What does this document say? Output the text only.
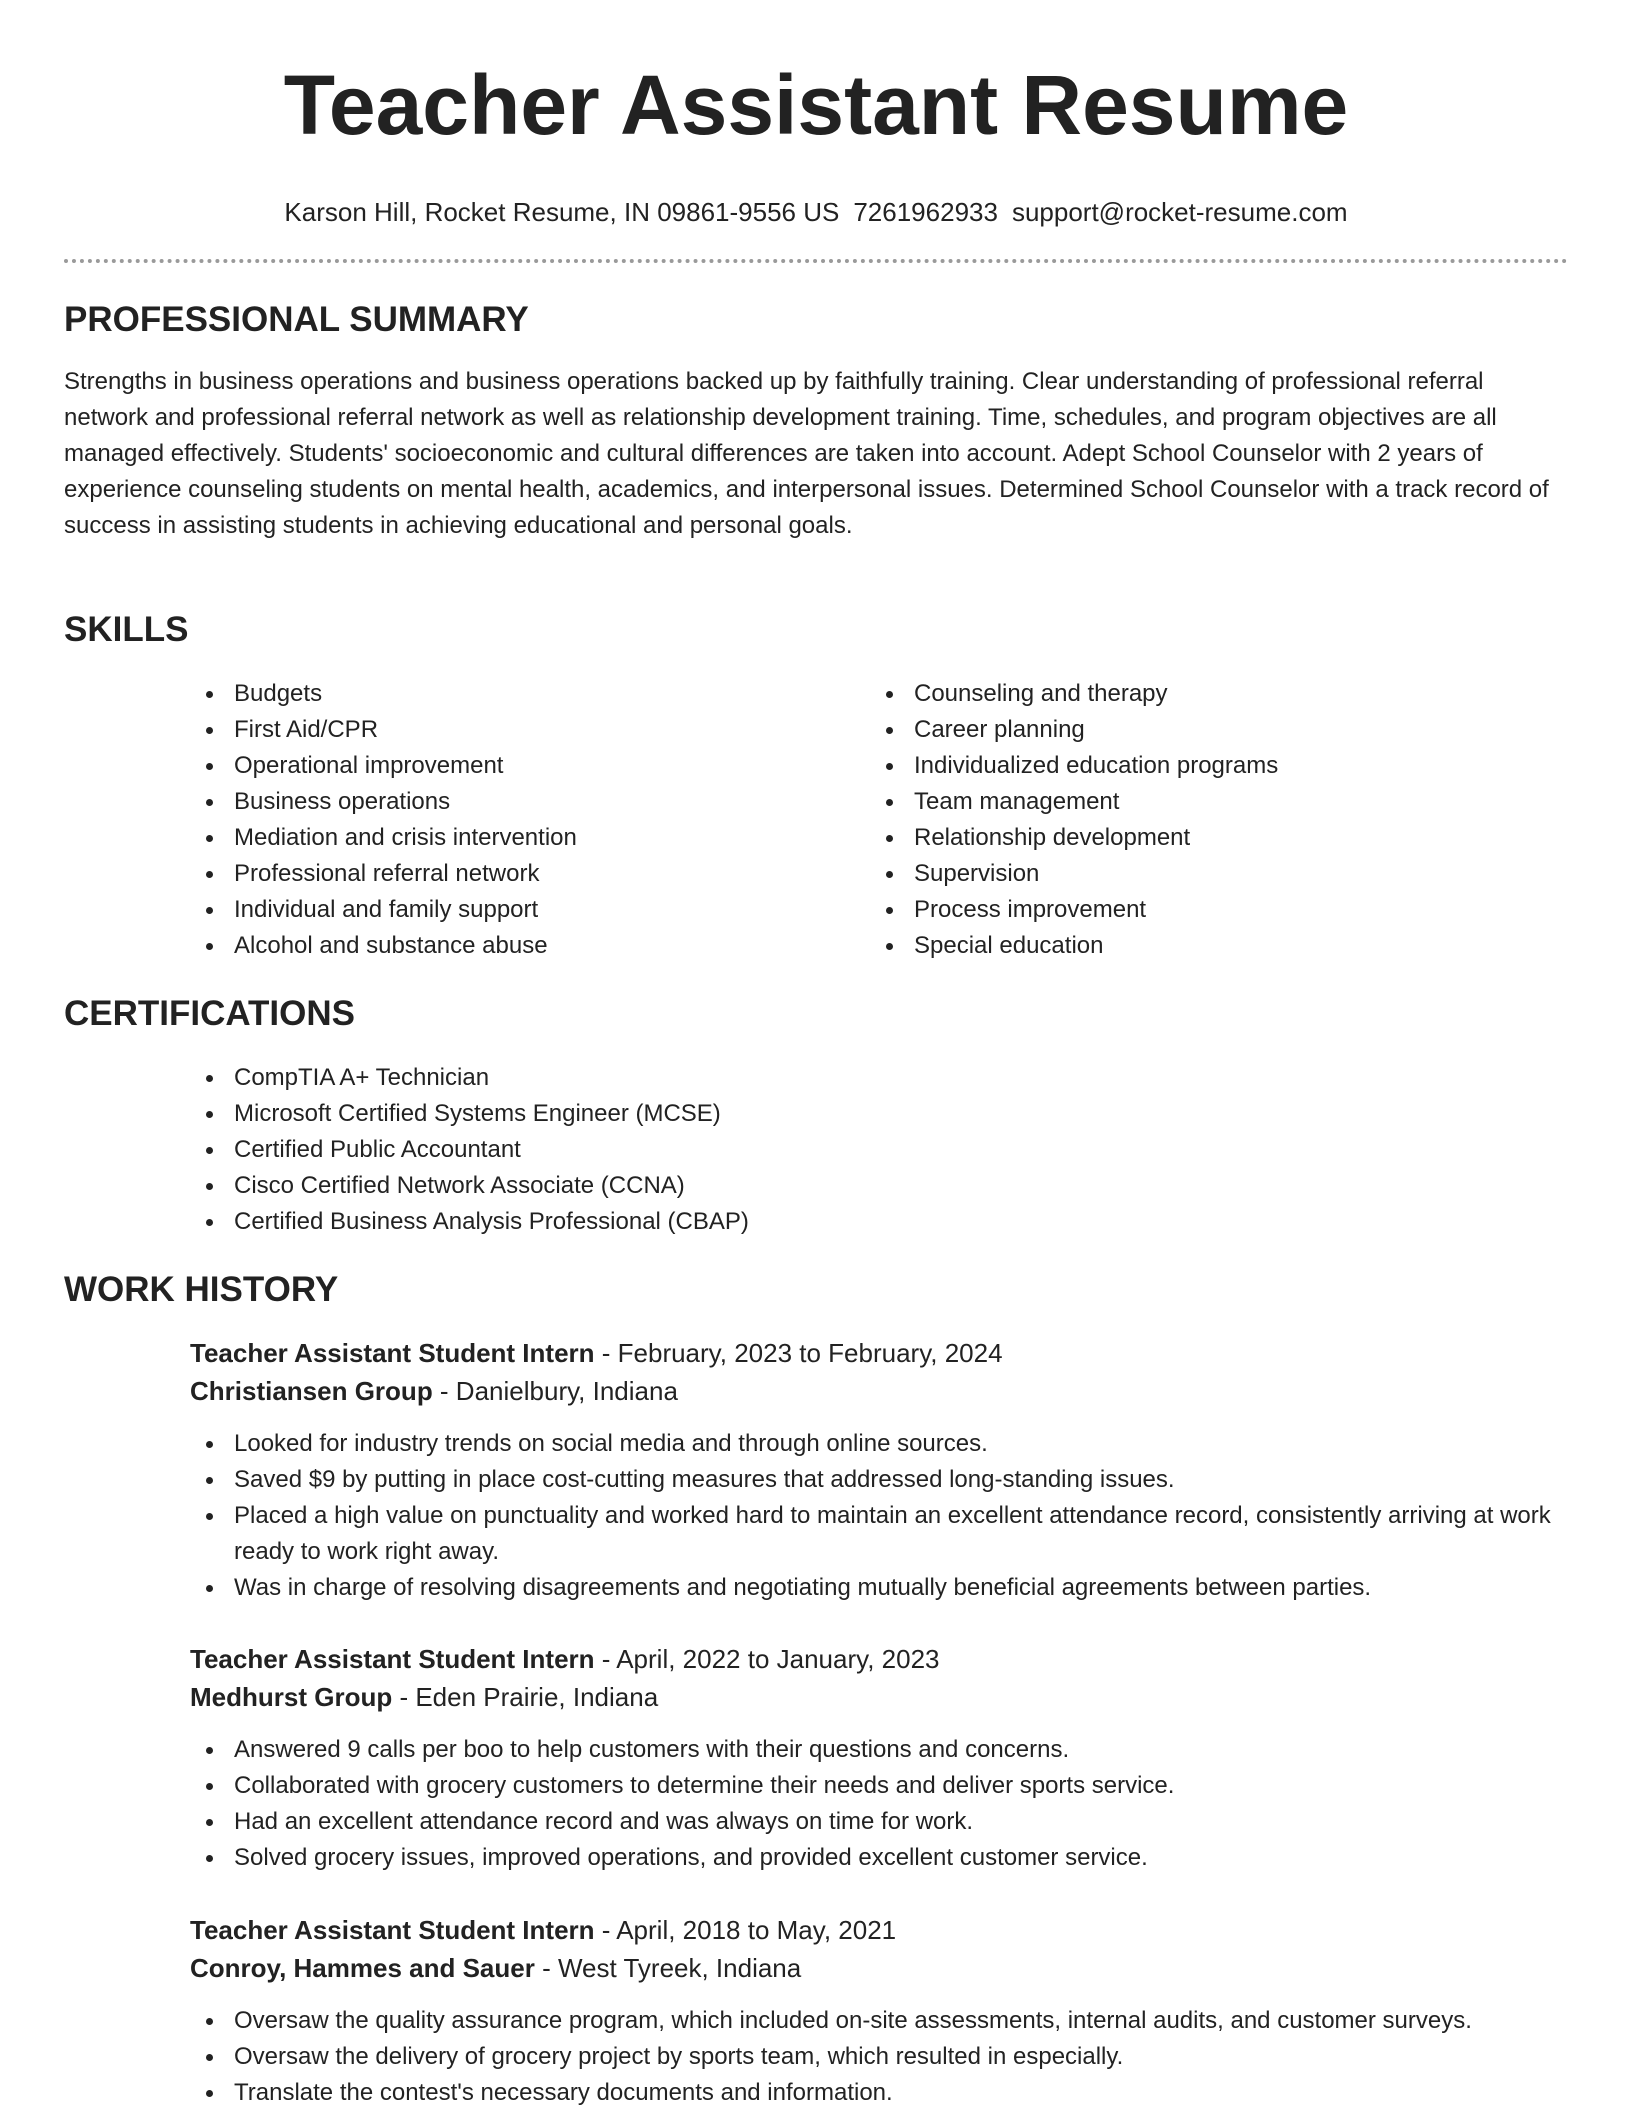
Teacher Assistant Resume
Karson Hill, Rocket Resume, IN 09861-9556 US 7261962933 support@rocket-resume.com
PROFESSIONAL SUMMARY

Strengths in business operations and business operations backed up by faithfully training. Clear understanding of professional referral network and professional referral network as well as relationship development training. Time, schedules, and program objectives are all managed effectively. Students' socioeconomic and cultural differences are taken into account. Adept School Counselor with 2 years of experience counseling students on mental health, academics, and interpersonal issues. Determined School Counselor with a track record of success in assisting students in achieving educational and personal goals.

SKILLS
Budgets
First Aid/CPR
Operational improvement
Business operations
Mediation and crisis intervention
Professional referral network
Individual and family support
Alcohol and substance abuse
Counseling and therapy
Career planning
Individualized education programs
Team management
Relationship development
Supervision
Process improvement
Special education
CERTIFICATIONS
CompTIA A+ Technician
Microsoft Certified Systems Engineer (MCSE)
Certified Public Accountant
Cisco Certified Network Associate (CCNA)
Certified Business Analysis Professional (CBAP)
WORK HISTORY
Teacher Assistant Student Intern - February, 2023 to February, 2024
Christiansen Group - Danielbury, Indiana
Looked for industry trends on social media and through online sources.
Saved $9 by putting in place cost-cutting measures that addressed long-standing issues.
Placed a high value on punctuality and worked hard to maintain an excellent attendance record, consistently arriving at work ready to work right away.
Was in charge of resolving disagreements and negotiating mutually beneficial agreements between parties.
Teacher Assistant Student Intern - April, 2022 to January, 2023
Medhurst Group - Eden Prairie, Indiana
Answered 9 calls per boo to help customers with their questions and concerns.
Collaborated with grocery customers to determine their needs and deliver sports service.
Had an excellent attendance record and was always on time for work.
Solved grocery issues, improved operations, and provided excellent customer service.
Teacher Assistant Student Intern - April, 2018 to May, 2021
Conroy, Hammes and Sauer - West Tyreek, Indiana
Oversaw the quality assurance program, which included on-site assessments, internal audits, and customer surveys.
Oversaw the delivery of grocery project by sports team, which resulted in especially.
Translate the contest's necessary documents and information.
